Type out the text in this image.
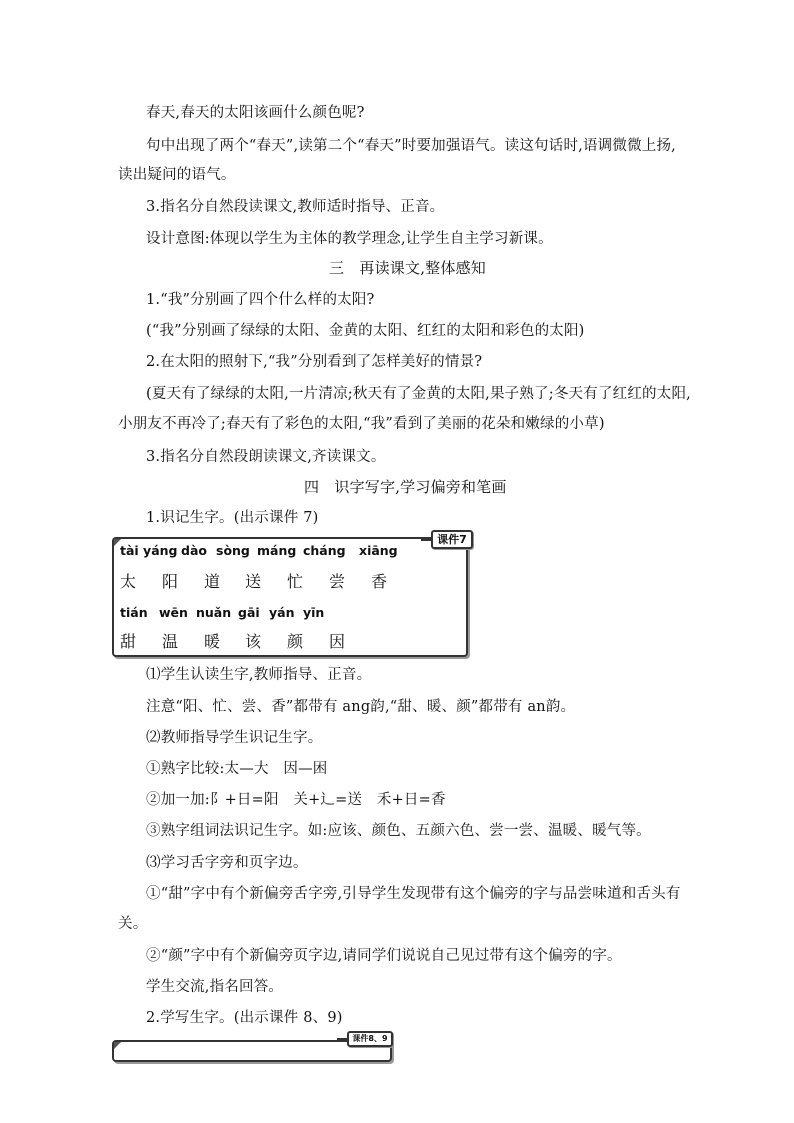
春天,春天的太阳该画什么颜色呢?
句中出现了两个“春天”,读第二个“春天”时要加强语气。读这句话时,语调微微上扬,
读出疑问的语气。
3.指名分自然段读课文,教师适时指导、正音。
设计意图:体现以学生为主体的教学理念,让学生自主学习新课。
三　再读课文,整体感知
1.“我”分别画了四个什么样的太阳?
(“我”分别画了绿绿的太阳、金黄的太阳、红红的太阳和彩色的太阳)
2.在太阳的照射下,“我”分别看到了怎样美好的情景?
(夏天有了绿绿的太阳,一片清凉;秋天有了金黄的太阳,果子熟了;冬天有了红红的太阳,
小朋友不再冷了;春天有了彩色的太阳,“我”看到了美丽的花朵和嫩绿的小草)
3.指名分自然段朗读课文,齐读课文。
四　识字写字,学习偏旁和笔画
1.识记生字。(出示课件 7)
tài yáng dào sòng máng cháng xiāng
太 阳 道 送 忙 尝 香
tián wēn nuǎn gāi yán yīn
甜 温 暖 该 颜 因
课件7
⑴学生认读生字,教师指导、正音。
注意“阳、忙、尝、香”都带有 ang韵,“甜、暖、颜”都带有 an韵。
⑵教师指导学生识记生字。
①熟字比较:太—大　因—困
②加一加:阝+日=阳　关+辶=送　禾+日=香
③熟字组词法识记生字。如:应该、颜色、五颜六色、尝一尝、温暖、暖气等。
⑶学习舌字旁和页字边。
①“甜”字中有个新偏旁舌字旁,引导学生发现带有这个偏旁的字与品尝味道和舌头有
关。
②“颜”字中有个新偏旁页字边,请同学们说说自己见过带有这个偏旁的字。
学生交流,指名回答。
2.学写生字。(出示课件 8、9)
课件8、9
